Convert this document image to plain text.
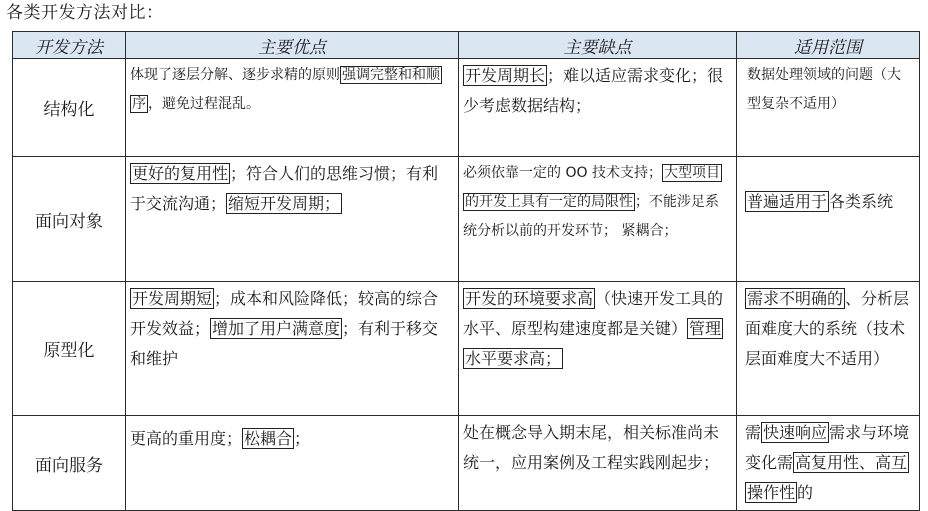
各类开发方法对比：
开发方法	主要优点	主要缺点	适用范围
结构化	体现了逐层分解、逐步求精的原则 强调完整和和顺序 ，避免过程混乱。	开发周期长 ；难以适应需求变化；很少考虑数据结构；	数据处理领域的问题（大型复杂不适用）
面向对象	更好的复用性 ；符合人们的思维习惯；有利于交流沟通； 缩短开发周期；	必须依靠一定的 OO 技术支持； 大型项目的开发上具有一定的局限性 ；不能涉足系统分析以前的开发环节； 紧耦合；	普遍适用于 各类系统
原型化	开发周期短 ；成本和风险降低；较高的综合开发效益； 增加了用户满意度 ；有利于移交和维护	开发的环境要求高 （快速开发工具的 水平、原型构建速度都是关键） 管理水平要求高；	需求不明确的 、分析层面难度大的系统（技术层面难度大不适用）
面向服务	更高的重用度； 松耦合 ；	处在概念导入期末尾，相关标准尚未统一，应用案例及工程实践刚起步；	需 快速响应 需求与环境变化需 高复用性、高互操作性 的
